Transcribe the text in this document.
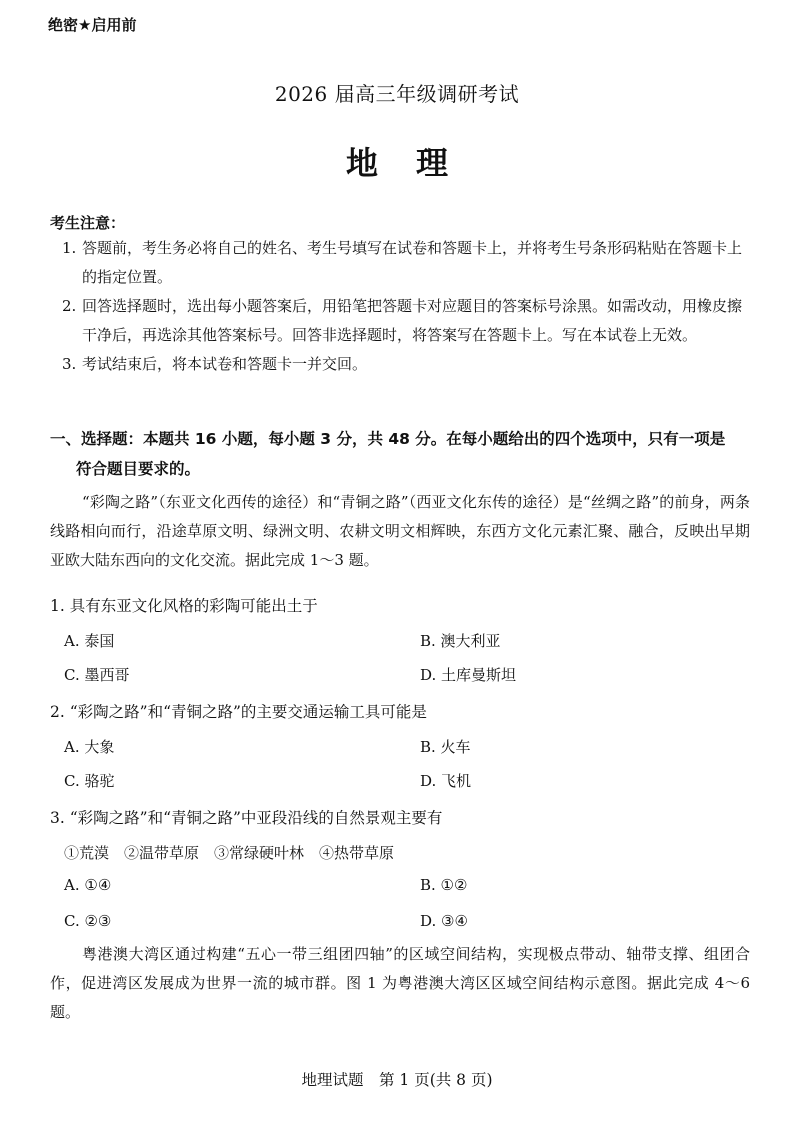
绝密★启用前
2026 届高三年级调研考试
地理
考生注意：
1. 答题前，考生务必将自己的姓名、考生号填写在试卷和答题卡上，并将考生号条形码粘贴在答题卡上的指定位置。
2. 回答选择题时，选出每小题答案后，用铅笔把答题卡对应题目的答案标号涂黑。如需改动，用橡皮擦干净后，再选涂其他答案标号。回答非选择题时，将答案写在答题卡上。写在本试卷上无效。
3. 考试结束后，将本试卷和答题卡一并交回。
一、选择题：本题共 16 小题，每小题 3 分，共 48 分。在每小题给出的四个选项中，只有一项是
符合题目要求的。
“彩陶之路”（东亚文化西传的途径）和“青铜之路”（西亚文化东传的途径）是“丝绸之路”的前身，两条线路相向而行，沿途草原文明、绿洲文明、农耕文明文相辉映，东西方文化元素汇聚、融合，反映出早期亚欧大陆东西向的文化交流。据此完成 1～3 题。
1. 具有东亚文化风格的彩陶可能出土于
A. 泰国	B. 澳大利亚
C. 墨西哥	D. 土库曼斯坦
2. “彩陶之路”和“青铜之路”的主要交通运输工具可能是
A. 大象	B. 火车
C. 骆驼	D. 飞机
3. “彩陶之路”和“青铜之路”中亚段沿线的自然景观主要有
①荒漠　②温带草原　③常绿硬叶林　④热带草原
A. ①④	B. ①②
C. ②③	D. ③④
粤港澳大湾区通过构建“五心一带三组团四轴”的区域空间结构，实现极点带动、轴带支撑、组团合作，促进湾区发展成为世界一流的城市群。图 1 为粤港澳大湾区区域空间结构示意图。据此完成 4～6 题。
地理试题　第 1 页(共 8 页)
